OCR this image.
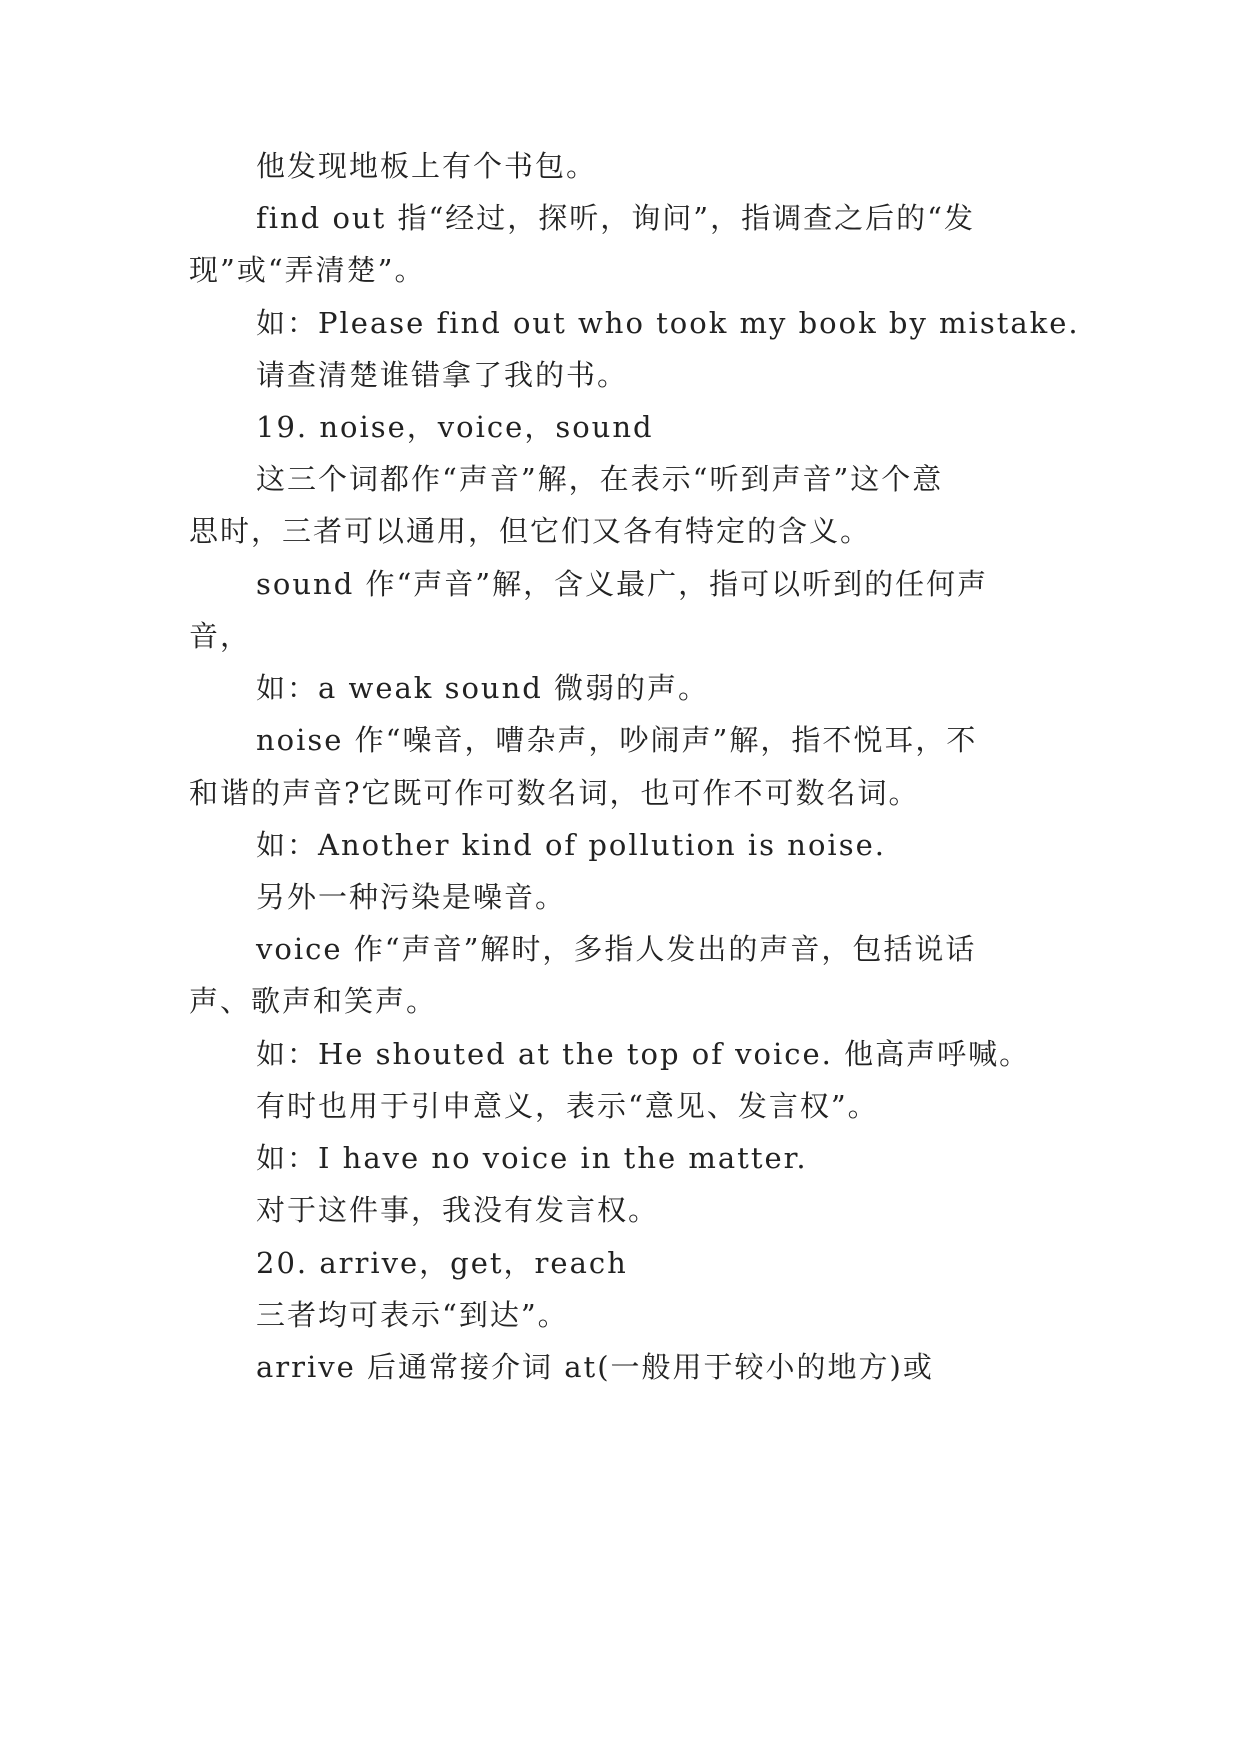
他发现地板上有个书包。
find out 指“经过，探听，询问”，指调查之后的“发
现”或“弄清楚”。
如：Please find out who took my book by mistake.
请查清楚谁错拿了我的书。
19. noise，voice，sound
这三个词都作“声音”解，在表示“听到声音”这个意
思时，三者可以通用，但它们又各有特定的含义。
sound 作“声音”解，含义最广，指可以听到的任何声
音，
如：a weak sound 微弱的声。
noise 作“噪音，嘈杂声，吵闹声”解，指不悦耳，不
和谐的声音?它既可作可数名词，也可作不可数名词。
如：Another kind of pollution is noise.
另外一种污染是噪音。
voice 作“声音”解时，多指人发出的声音，包括说话
声、歌声和笑声。
如：He shouted at the top of voice. 他高声呼喊。
有时也用于引申意义，表示“意见、发言权”。
如：I have no voice in the matter.
对于这件事，我没有发言权。
20. arrive，get，reach
三者均可表示“到达”。
arrive 后通常接介词 at(一般用于较小的地方)或
